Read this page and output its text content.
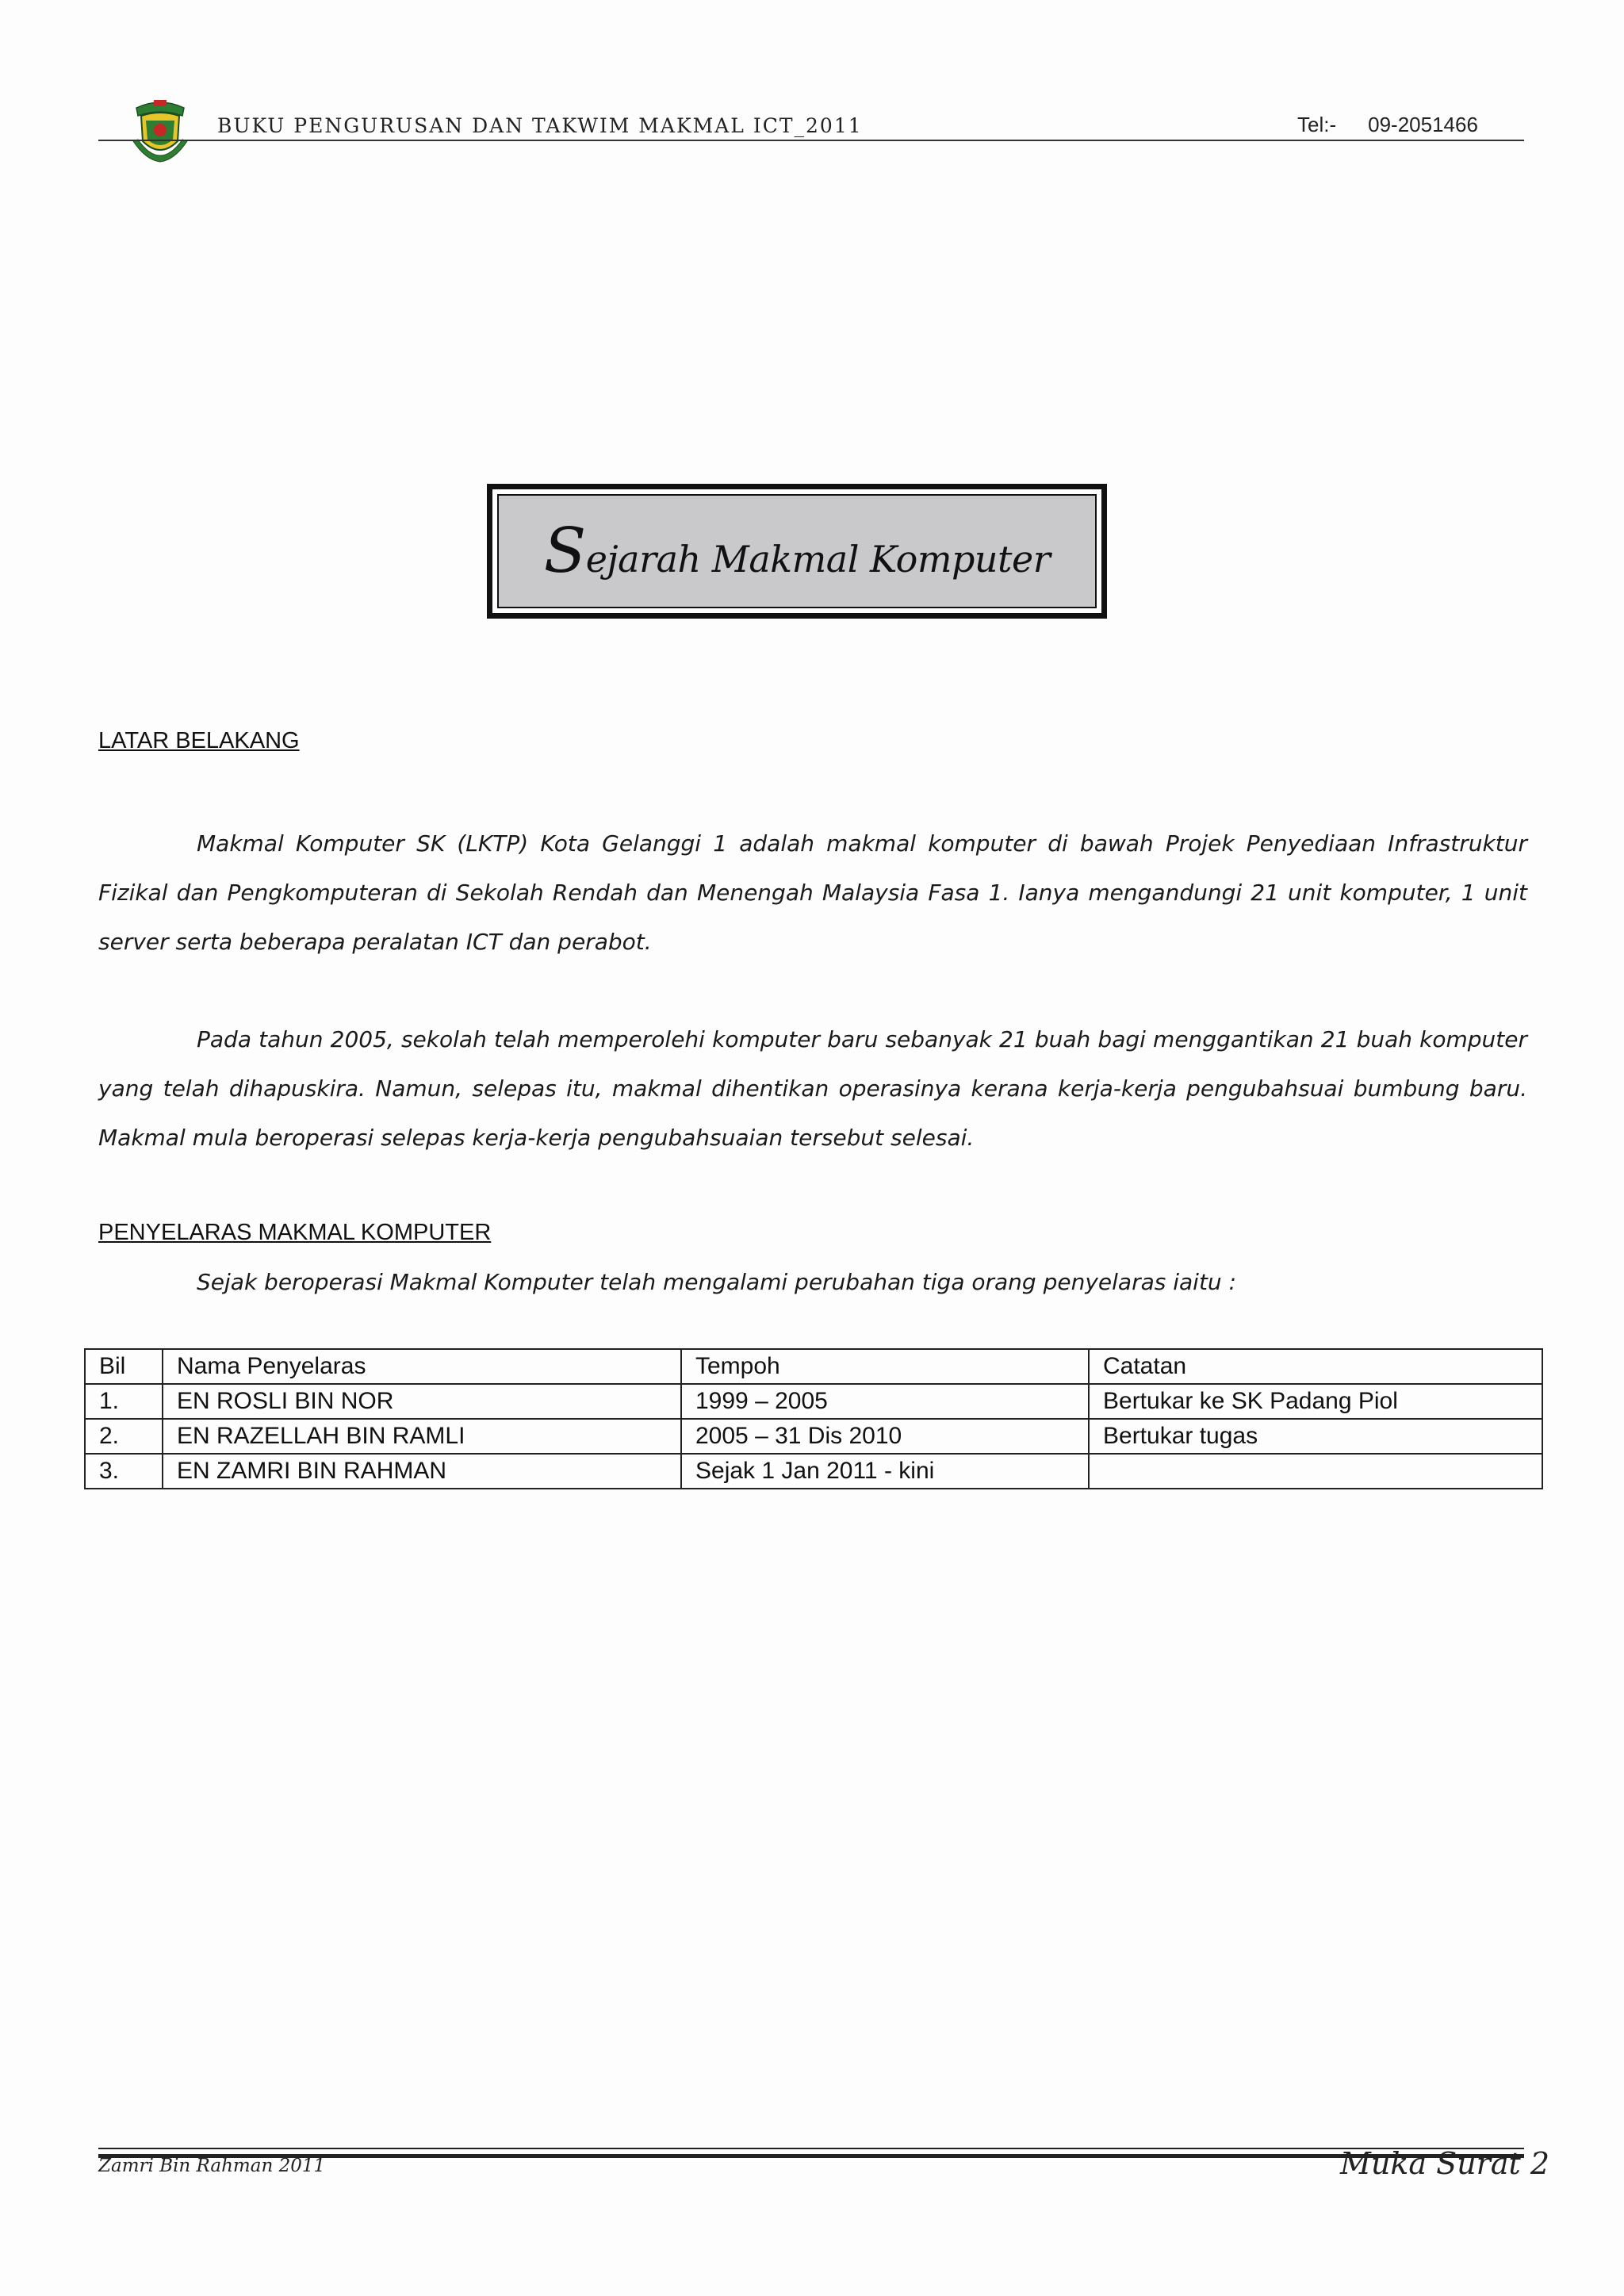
BUKU PENGURUSAN DAN TAKWIM MAKMAL ICT_2011	Tel:- 09-2051466
Sejarah Makmal Komputer
LATAR BELAKANG

Makmal Komputer SK (LKTP) Kota Gelanggi 1 adalah makmal komputer di bawah Projek Penyediaan Infrastruktur Fizikal dan Pengkomputeran di Sekolah Rendah dan Menengah Malaysia Fasa 1. Ianya mengandungi 21 unit komputer, 1 unit server serta beberapa peralatan ICT dan perabot.

Pada tahun 2005, sekolah telah memperolehi komputer baru sebanyak 21 buah bagi menggantikan 21 buah komputer yang telah dihapuskira. Namun, selepas itu, makmal dihentikan operasinya kerana kerja-kerja pengubahsuai bumbung baru. Makmal mula beroperasi selepas kerja-kerja pengubahsuaian tersebut selesai.

PENYELARAS MAKMAL KOMPUTER
Sejak beroperasi Makmal Komputer telah mengalami perubahan tiga orang penyelaras iaitu :
Bil	Nama Penyelaras	Tempoh	Catatan
1.	EN ROSLI BIN NOR	1999 – 2005	Bertukar ke SK Padang Piol
2.	EN RAZELLAH BIN RAMLI	2005 – 31 Dis 2010	Bertukar tugas
3.	EN ZAMRI BIN RAHMAN	Sejak 1 Jan 2011 - kini	
Zamri Bin Rahman 2011	Muka Surat 2
